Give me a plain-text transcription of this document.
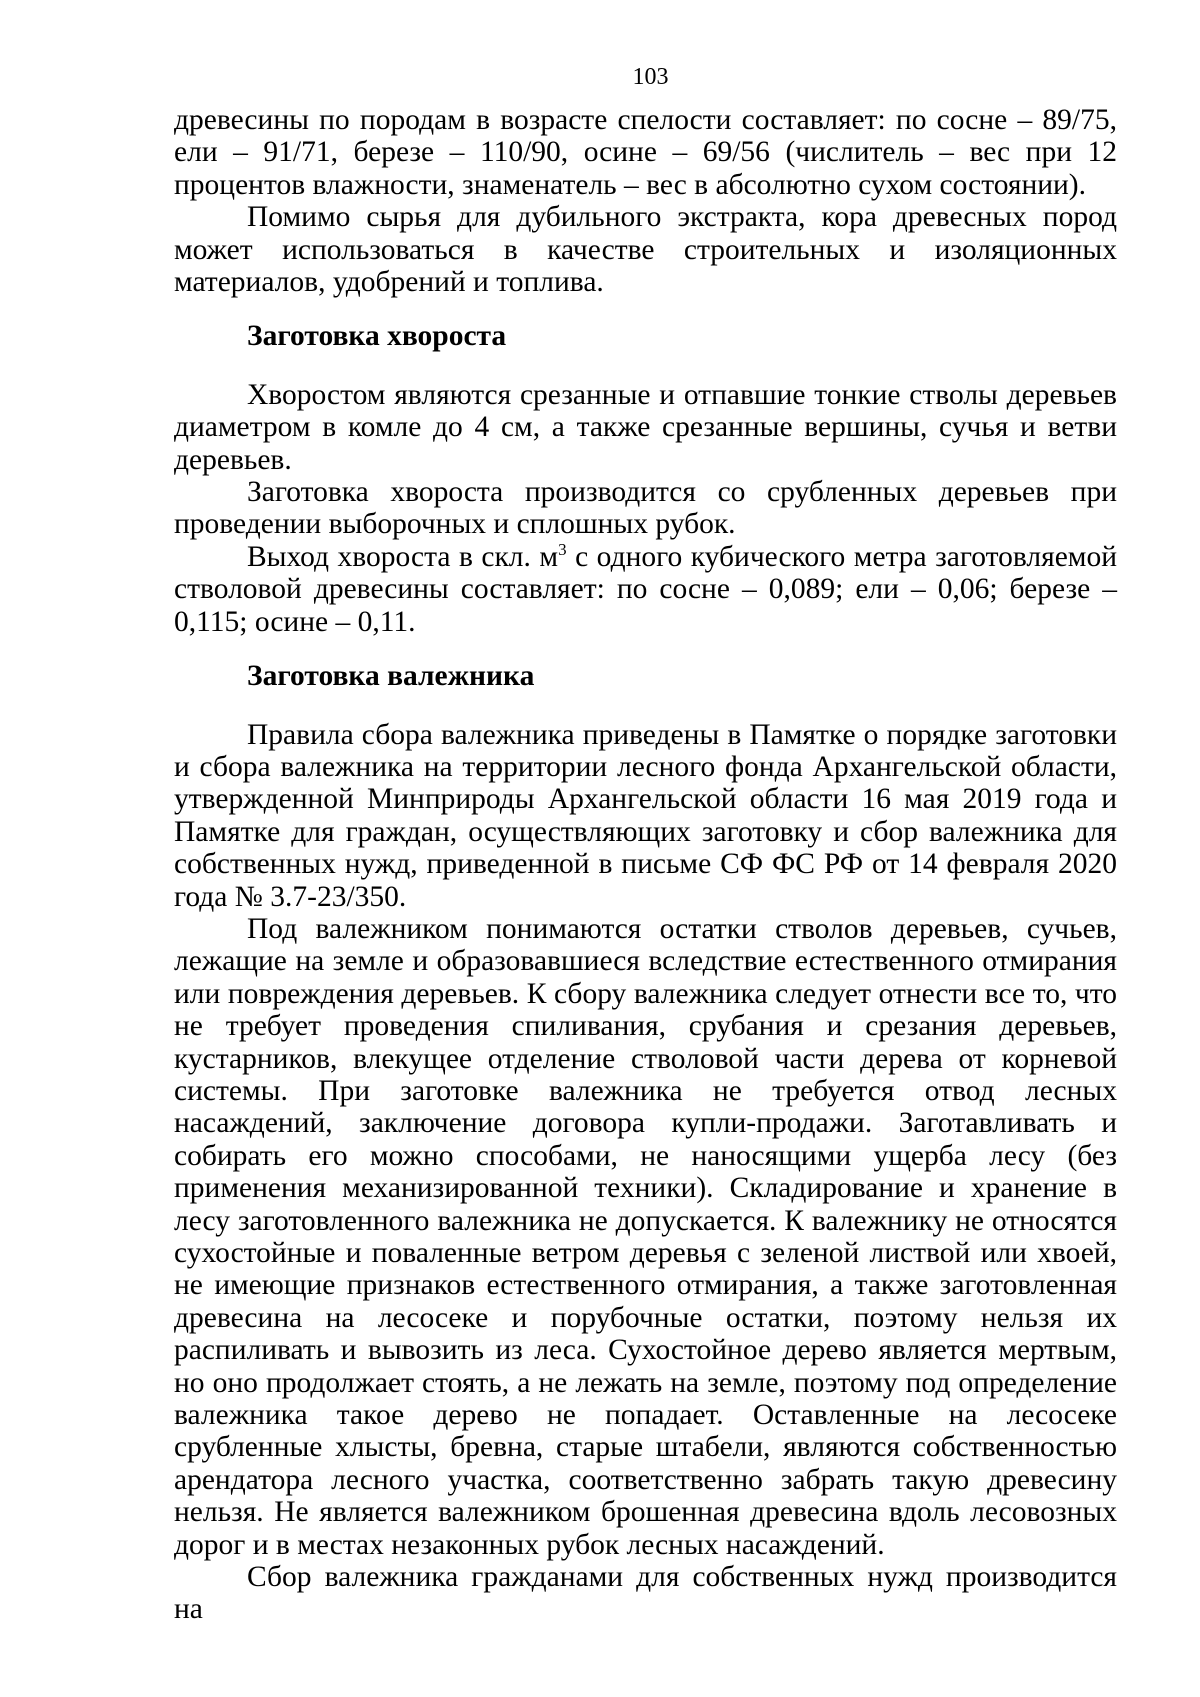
103

древесины по породам в возрасте спелости составляет: по сосне – 89/75, ели – 91/71, березе – 110/90, осине – 69/56 (числитель – вес при 12 процентов влажности, знаменатель – вес в абсолютно сухом состоянии).

Помимо сырья для дубильного экстракта, кора древесных пород может использоваться в качестве строительных и изоляционных материалов, удобрений и топлива.

Заготовка хвороста

Хворостом являются срезанные и отпавшие тонкие стволы деревьев диаметром в комле до 4 см, а также срезанные вершины, сучья и ветви деревьев.

Заготовка хвороста производится со срубленных деревьев при проведении выборочных и сплошных рубок.

Выход хвороста в скл. $м^3$ с одного кубического метра заготовляемой стволовой древесины составляет: по сосне – 0,089; ели – 0,06; березе – 0,115; осине – 0,11.

Заготовка валежника

Правила сбора валежника приведены в Памятке о порядке заготовки и сбора валежника на территории лесного фонда Архангельской области, утвержденной Минприроды Архангельской области 16 мая 2019 года и Памятке для граждан, осуществляющих заготовку и сбор валежника для собственных нужд, приведенной в письме СФ ФС РФ от 14 февраля 2020 года № 3.7-23/350.

Под валежником понимаются остатки стволов деревьев, сучьев, лежащие на земле и образовавшиеся вследствие естественного отмирания или повреждения деревьев. К сбору валежника следует отнести все то, что не требует проведения спиливания, срубания и срезания деревьев, кустарников, влекущее отделение стволовой части дерева от корневой системы. При заготовке валежника не требуется отвод лесных насаждений, заключение договора купли-продажи. Заготавливать и собирать его можно способами, не наносящими ущерба лесу (без применения механизированной техники). Складирование и хранение в лесу заготовленного валежника не допускается. К валежнику не относятся сухостойные и поваленные ветром деревья с зеленой листвой или хвоей, не имеющие признаков естественного отмирания, а также заготовленная древесина на лесосеке и порубочные остатки, поэтому нельзя их распиливать и вывозить из леса. Сухостойное дерево является мертвым, но оно продолжает стоять, а не лежать на земле, поэтому под определение валежника такое дерево не попадает. Оставленные на лесосеке срубленные хлысты, бревна, старые штабели, являются собственностью арендатора лесного участка, соответственно забрать такую древесину нельзя. Не является валежником брошенная древесина вдоль лесовозных дорог и в местах незаконных рубок лесных насаждений.

Сбор валежника гражданами для собственных нужд производится на
